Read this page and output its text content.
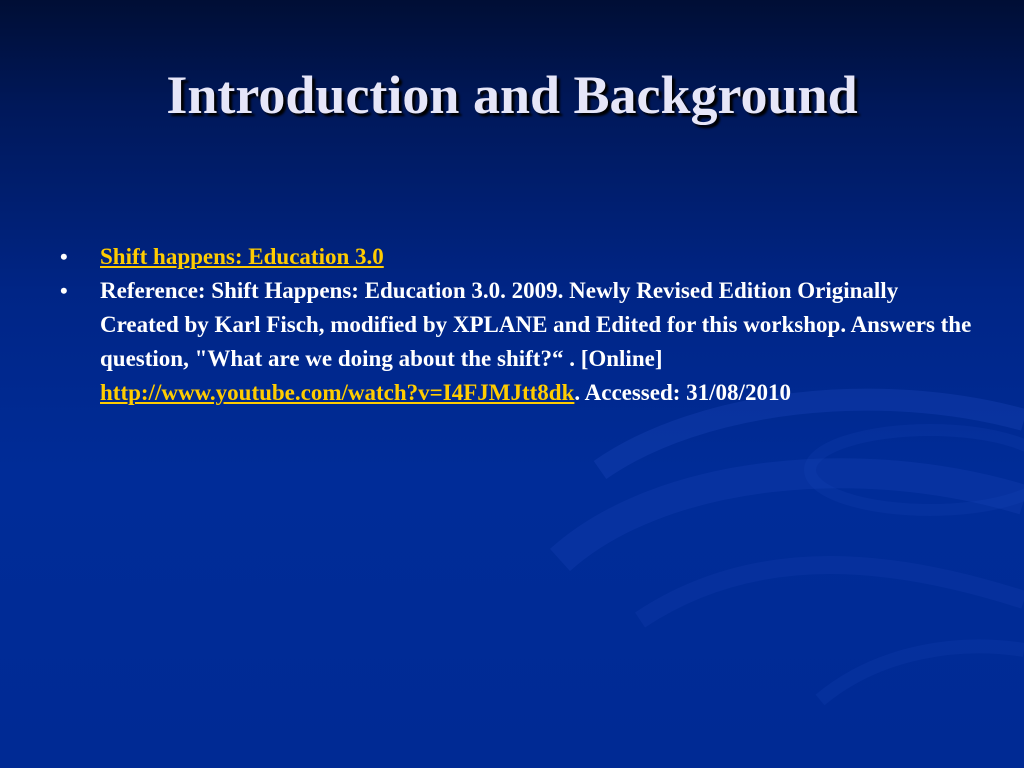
Introduction and Background
• Shift happens: Education 3.0
• Reference: Shift Happens: Education 3.0. 2009. Newly Revised Edition Originally Created by Karl Fisch, modified by XPLANE and Edited for this workshop. Answers the question, "What are we doing about the shift?“ . [Online] http://www.youtube.com/watch?v=I4FJMJtt8dk. Accessed: 31/08/2010
